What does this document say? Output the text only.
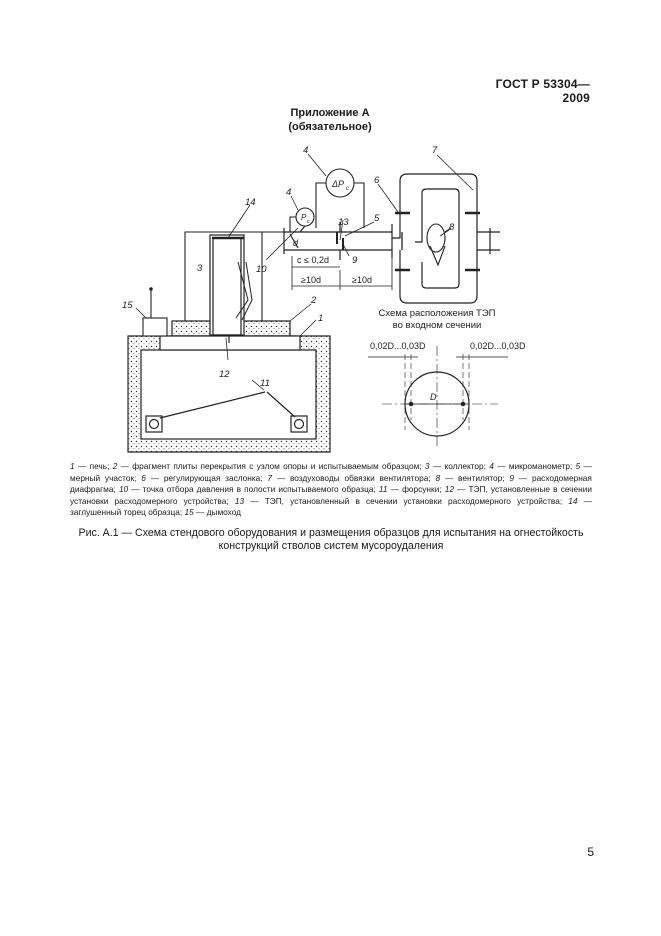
ГОСТ Р 53304—2009
Приложение А
(обязательное)
1
2
3
4
4
5
6
7
8
9
10
11
12
13
14
15
ΔP c
P c
d
c ≤ 0,2d
≥10d	≥10d
Схема расположения ТЭП
во входном сечении
0,02D...0,03D	0,02D...0,03D
D
1 — печь; 2 — фрагмент плиты перекрытия с узлом опоры и испытываемым образцом; 3 — коллектор; 4 — микроманометр; 5 — мерный участок; 6 — регулирующая заслонка; 7 — воздуховоды обвязки вентилятора; 8 — вентилятор; 9 — расходомерная диафрагма; 10 — точка отбора давления в полости испытываемого образца; 11 — форсунки; 12 — ТЭП, установленные в сечении установки расходомерного устройства; 13 — ТЭП, установленный в сечении установки расходомерного устройства; 14 — заглушенный торец образца; 15 — дымоход
Рис. А.1 — Схема стендового оборудования и размещения образцов для испытания на огнестойкость
конструкций стволов систем мусороудаления
5
